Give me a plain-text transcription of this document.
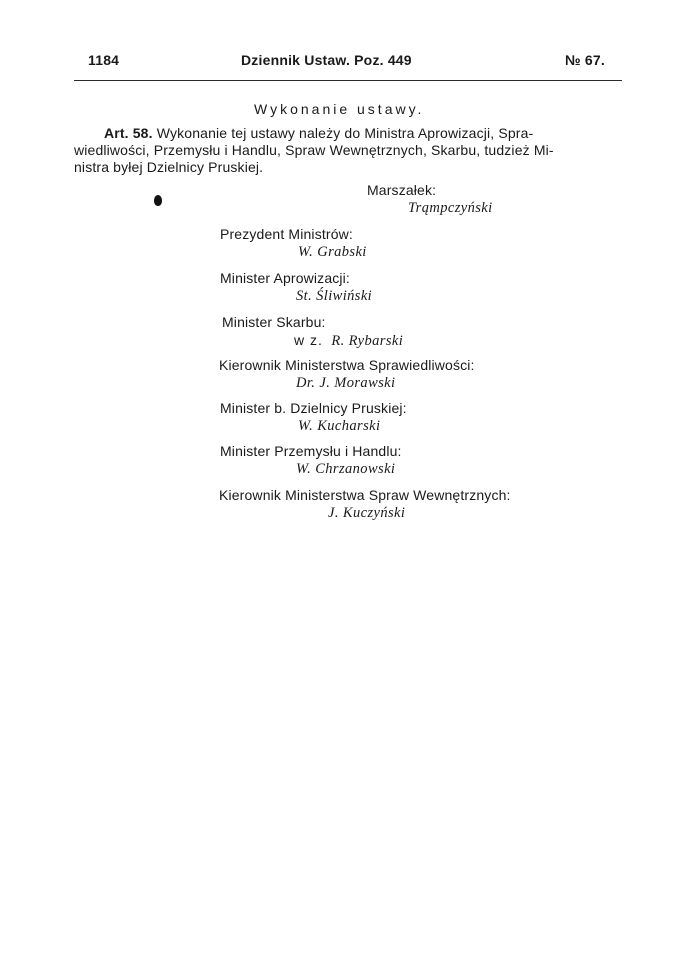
1184	Dziennik Ustaw. Poz. 449	№ 67.
Wykonanie ustawy.
Art. 58. Wykonanie tej ustawy należy do Ministra Aprowizacji, Spra-
wiedliwości, Przemysłu i Handlu, Spraw Wewnętrznych, Skarbu, tudzież Mi-
nistra byłej Dzielnicy Pruskiej.
Marszałek:
Trąmpczyński
Prezydent Ministrów:
W. Grabski
Minister Aprowizacji:
St. Śliwiński
Minister Skarbu:
w z. R. Rybarski
Kierownik Ministerstwa Sprawiedliwości:
Dr. J. Morawski
Minister b. Dzielnicy Pruskiej:
W. Kucharski
Minister Przemysłu i Handlu:
W. Chrzanowski
Kierownik Ministerstwa Spraw Wewnętrznych:
J. Kuczyński
